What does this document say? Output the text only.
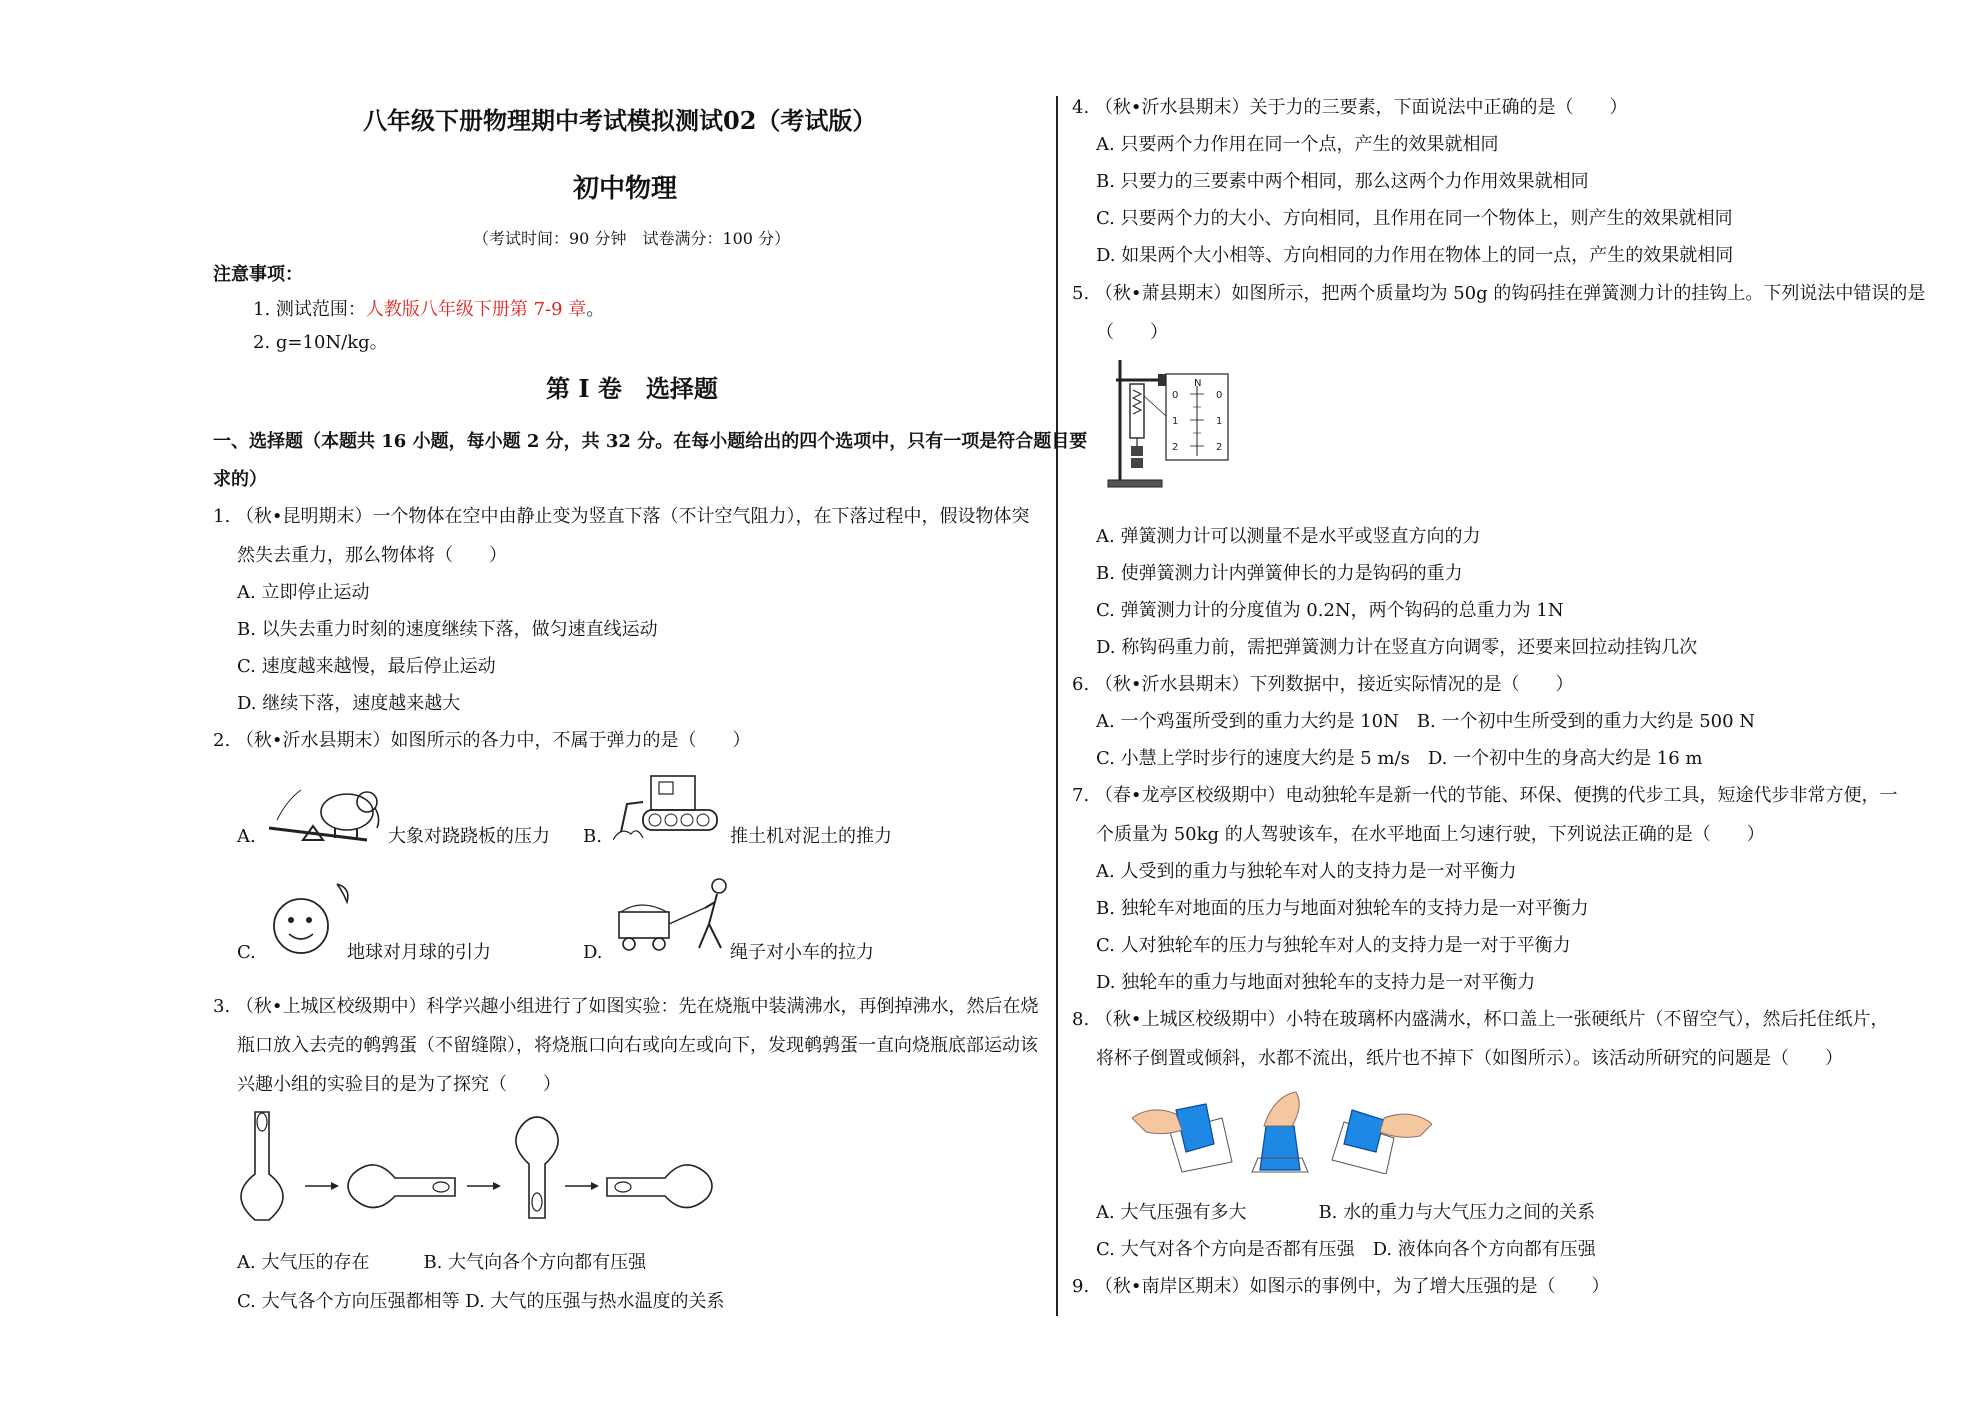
八年级下册物理期中考试模拟测试02（考试版）
初中物理
（考试时间：90 分钟　试卷满分：100 分）
注意事项：
1. 测试范围：人教版八年级下册第 7-9 章。
2. g=10N/kg。
第 I 卷　选择题
一、选择题（本题共 16 小题，每小题 2 分，共 32 分。在每小题给出的四个选项中，只有一项是符合题目要
求的）
1. （秋•昆明期末）一个物体在空中由静止变为竖直下落（不计空气阻力），在下落过程中，假设物体突
然失去重力，那么物体将（　　）
A. 立即停止运动
B. 以失去重力时刻的速度继续下落，做匀速直线运动
C. 速度越来越慢，最后停止运动
D. 继续下落，速度越来越大
2. （秋•沂水县期末）如图所示的各力中，不属于弹力的是（　　）
A.	大象对跷跷板的压力 B.	推土机对泥土的推力
C.	地球对月球的引力	D.	绳子对小车的拉力
3. （秋•上城区校级期中）科学兴趣小组进行了如图实验：先在烧瓶中装满沸水，再倒掉沸水，然后在烧
瓶口放入去壳的鹌鹑蛋（不留缝隙），将烧瓶口向右或向左或向下，发现鹌鹑蛋一直向烧瓶底部运动该
兴趣小组的实验目的是为了探究（　　）
A. 大气压的存在　　　B. 大气向各个方向都有压强
C. 大气各个方向压强都相等 D. 大气的压强与热水温度的关系
4. （秋•沂水县期末）关于力的三要素，下面说法中正确的是（　　）
A. 只要两个力作用在同一个点，产生的效果就相同
B. 只要力的三要素中两个相同，那么这两个力作用效果就相同
C. 只要两个力的大小、方向相同，且作用在同一个物体上，则产生的效果就相同
D. 如果两个大小相等、方向相同的力作用在物体上的同一点，产生的效果就相同
5. （秋•萧县期末）如图所示，把两个质量均为 50g 的钩码挂在弹簧测力计的挂钩上。下列说法中错误的是
（　　）
N
0
1
2
0
1
2
A. 弹簧测力计可以测量不是水平或竖直方向的力
B. 使弹簧测力计内弹簧伸长的力是钩码的重力
C. 弹簧测力计的分度值为 0.2N，两个钩码的总重力为 1N
D. 称钩码重力前，需把弹簧测力计在竖直方向调零，还要来回拉动挂钩几次
6. （秋•沂水县期末）下列数据中，接近实际情况的是（　　）
A. 一个鸡蛋所受到的重力大约是 10N　B. 一个初中生所受到的重力大约是 500 N
C. 小慧上学时步行的速度大约是 5 m/s　D. 一个初中生的身高大约是 16 m
7. （春•龙亭区校级期中）电动独轮车是新一代的节能、环保、便携的代步工具，短途代步非常方便，一
个质量为 50kg 的人驾驶该车，在水平地面上匀速行驶，下列说法正确的是（　　）
A. 人受到的重力与独轮车对人的支持力是一对平衡力
B. 独轮车对地面的压力与地面对独轮车的支持力是一对平衡力
C. 人对独轮车的压力与独轮车对人的支持力是一对于平衡力
D. 独轮车的重力与地面对独轮车的支持力是一对平衡力
8. （秋•上城区校级期中）小特在玻璃杯内盛满水，杯口盖上一张硬纸片（不留空气），然后托住纸片，
将杯子倒置或倾斜，水都不流出，纸片也不掉下（如图所示）。该活动所研究的问题是（　　）
A. 大气压强有多大　　　　B. 水的重力与大气压力之间的关系
C. 大气对各个方向是否都有压强　D. 液体向各个方向都有压强
9. （秋•南岸区期末）如图示的事例中，为了增大压强的是（　　）
